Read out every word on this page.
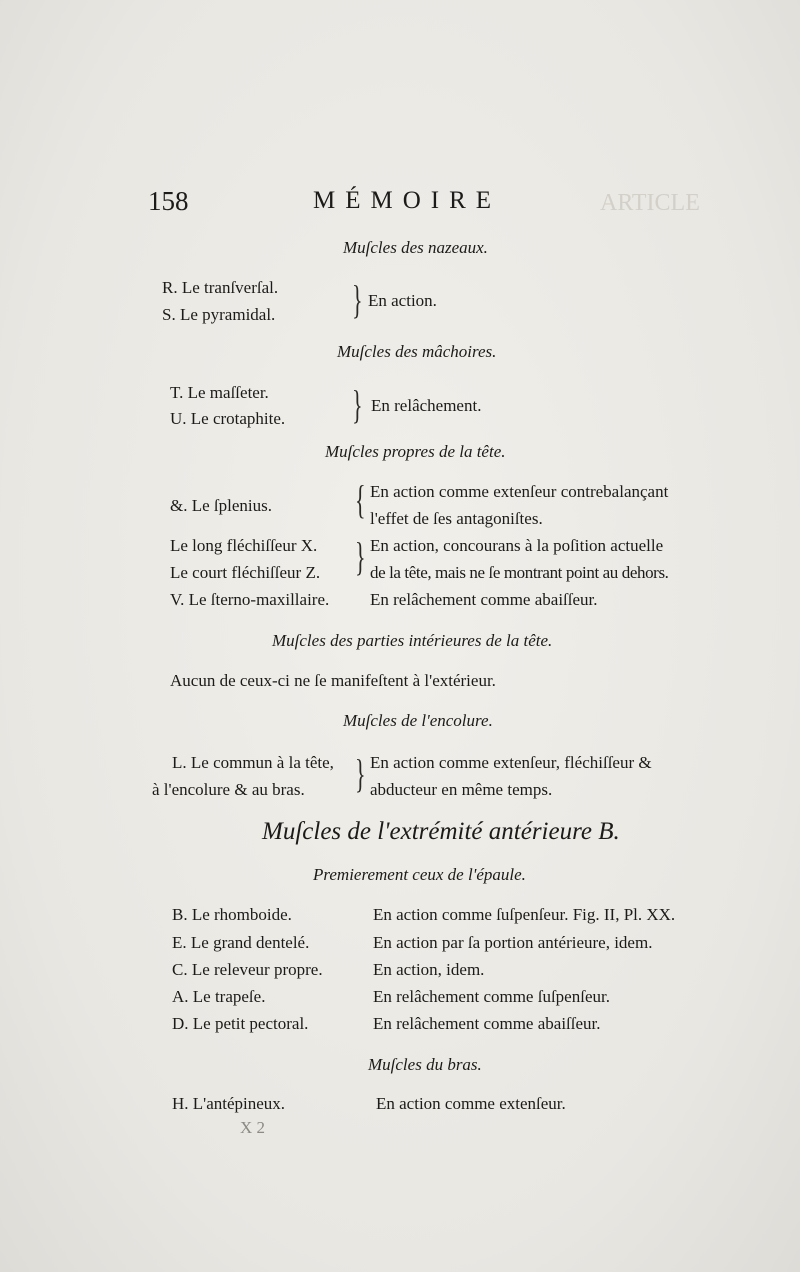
ARTICLE
158	MÉMOIRE
Muſcles des nazeaux.
R. Le tranſverſal.
S. Le pyramidal. } En action.
Muſcles des mâchoires.
T. Le maſſeter.
U. Le crotaphite. } En relâchement.
Muſcles propres de la tête.
&. Le ſplenius. { En action comme extenſeur contrebalançant
l'effet de ſes antagoniſtes.
Le long fléchiſſeur X.
Le court fléchiſſeur Z. } En action, concourans à la poſition actuelle
de la tête, mais ne ſe montrant point au dehors.
V. Le ſterno-maxillaire. En relâchement comme abaiſſeur.
Muſcles des parties intérieures de la tête.
Aucun de ceux-ci ne ſe manifeſtent à l'extérieur.
Muſcles de l'encolure.
L. Le commun à la tête,
à l'encolure & au bras. } En action comme extenſeur, fléchiſſeur &
abducteur en même temps.
Muſcles de l'extrémité antérieure B.
Premierement ceux de l'épaule.
B. Le rhomboide.	En action comme ſuſpenſeur. Fig. II, Pl. XX.
E. Le grand dentelé.	En action par ſa portion antérieure, idem.
C. Le releveur propre.	En action, idem.
A. Le trapeſe.	En relâchement comme ſuſpenſeur.
D. Le petit pectoral.	En relâchement comme abaiſſeur.
Muſcles du bras.
H. L'antépineux.	En action comme extenſeur.
X 2
